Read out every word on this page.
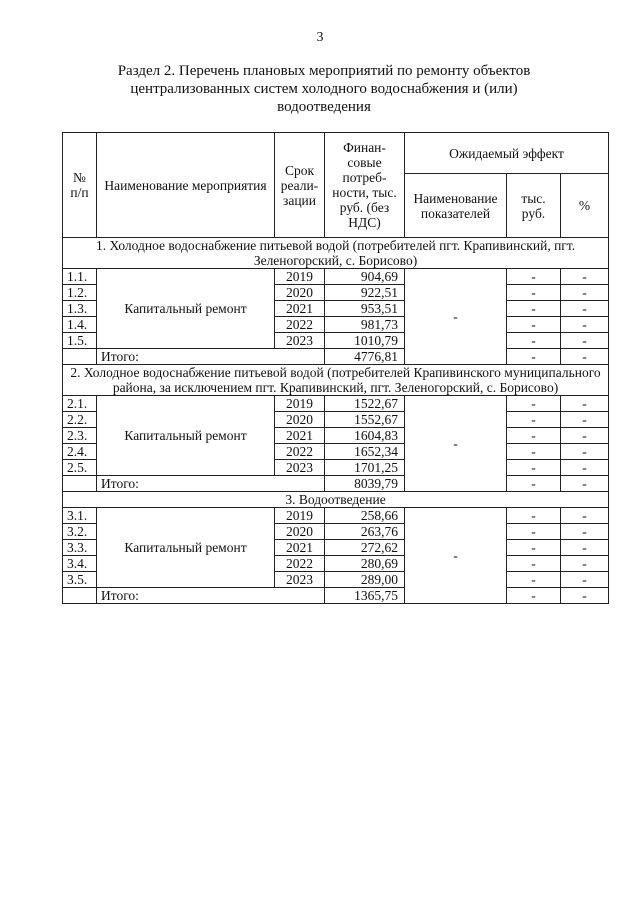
3
Раздел 2. Перечень плановых мероприятий по ремонту объектов централизованных систем холодного водоснабжения и (или) водоотведения
№ п/п	Наименование мероприятия	Срок реали-зации	Финан-совые потреб-ности, тыс. руб. (без НДС)	Ожидаемый эффект		
				Наименование показателей	тыс. руб.	%
1. Холодное водоснабжение питьевой водой (потребителей пгт. Крапивинский, пгт. Зеленогорский, с. Борисово)						
1.1.	Капитальный ремонт	2019	904,69	-	-	-
1.2.		2020	922,51		-	-
1.3.		2021	953,51		-	-
1.4.		2022	981,73		-	-
1.5.		2023	1010,79		-	-
	Итого:		4776,81		-	-
2. Холодное водоснабжение питьевой водой (потребителей Крапивинского муниципального района, за исключением пгт. Крапивинский, пгт. Зеленогорский, с. Борисово)						
2.1.	Капитальный ремонт	2019	1522,67	-	-	-
2.2.		2020	1552,67		-	-
2.3.		2021	1604,83		-	-
2.4.		2022	1652,34		-	-
2.5.		2023	1701,25		-	-
	Итого:		8039,79		-	-
3. Водоотведение						
3.1.	Капитальный ремонт	2019	258,66	-	-	-
3.2.		2020	263,76		-	-
3.3.		2021	272,62		-	-
3.4.		2022	280,69		-	-
3.5.		2023	289,00		-	-
	Итого:		1365,75		-	-
